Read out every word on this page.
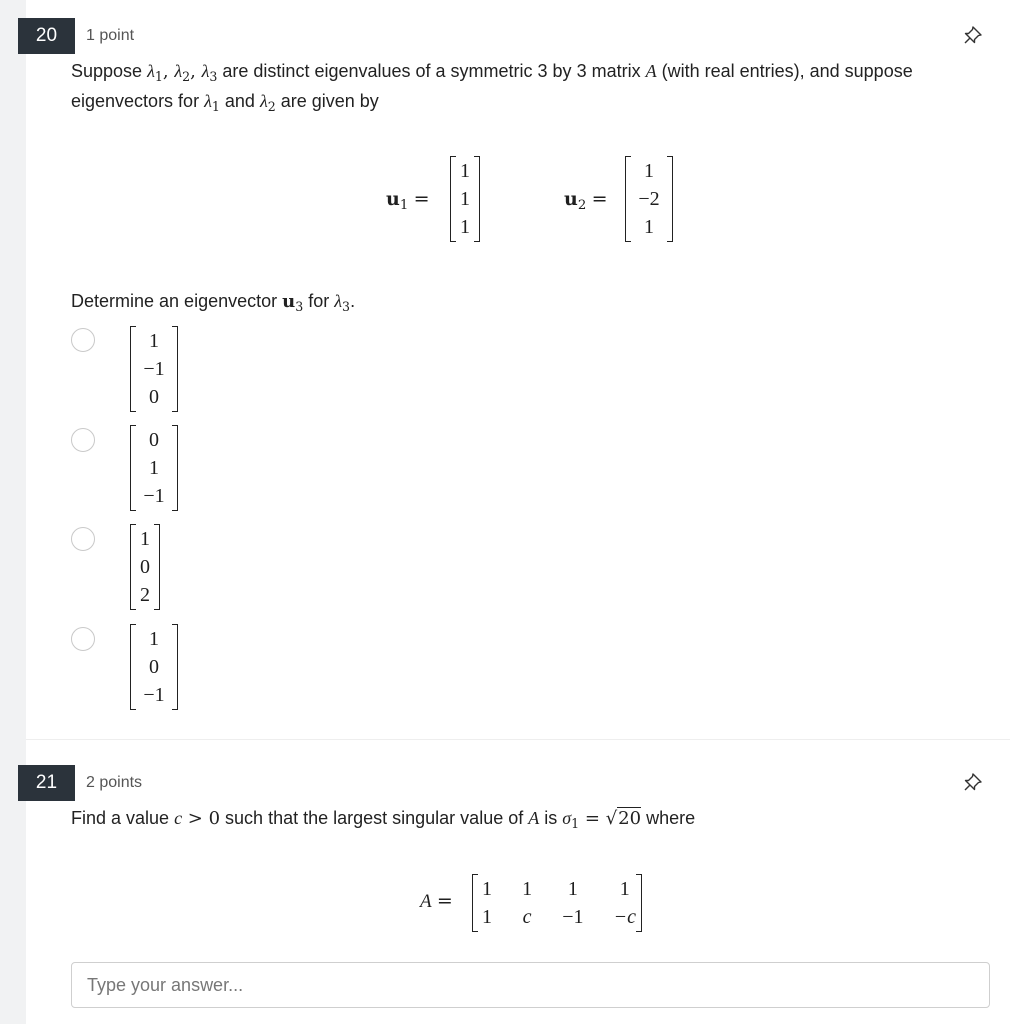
20	1 point
Suppose $\lambda_1$, $\lambda_2$, $\lambda_3$ are distinct eigenvalues of a symmetric 3 by 3 matrix A (with real entries), and suppose
eigenvectors for $\lambda_1$ and $\lambda_2$ are given by
$u_1$ =
1
1
1
$u_2$ =
1
−2
1
Determine an eigenvector $u_3$ for $\lambda_3$.
1
−1
0
0
1
−1
1
0
2
1
0
−1
21	2 points
Find a value c > 0 such that the largest singular value of A is $\sigma_1 = √20$ where
A =
1
1
1
c
1
−1
1
−c
Type your answer...
